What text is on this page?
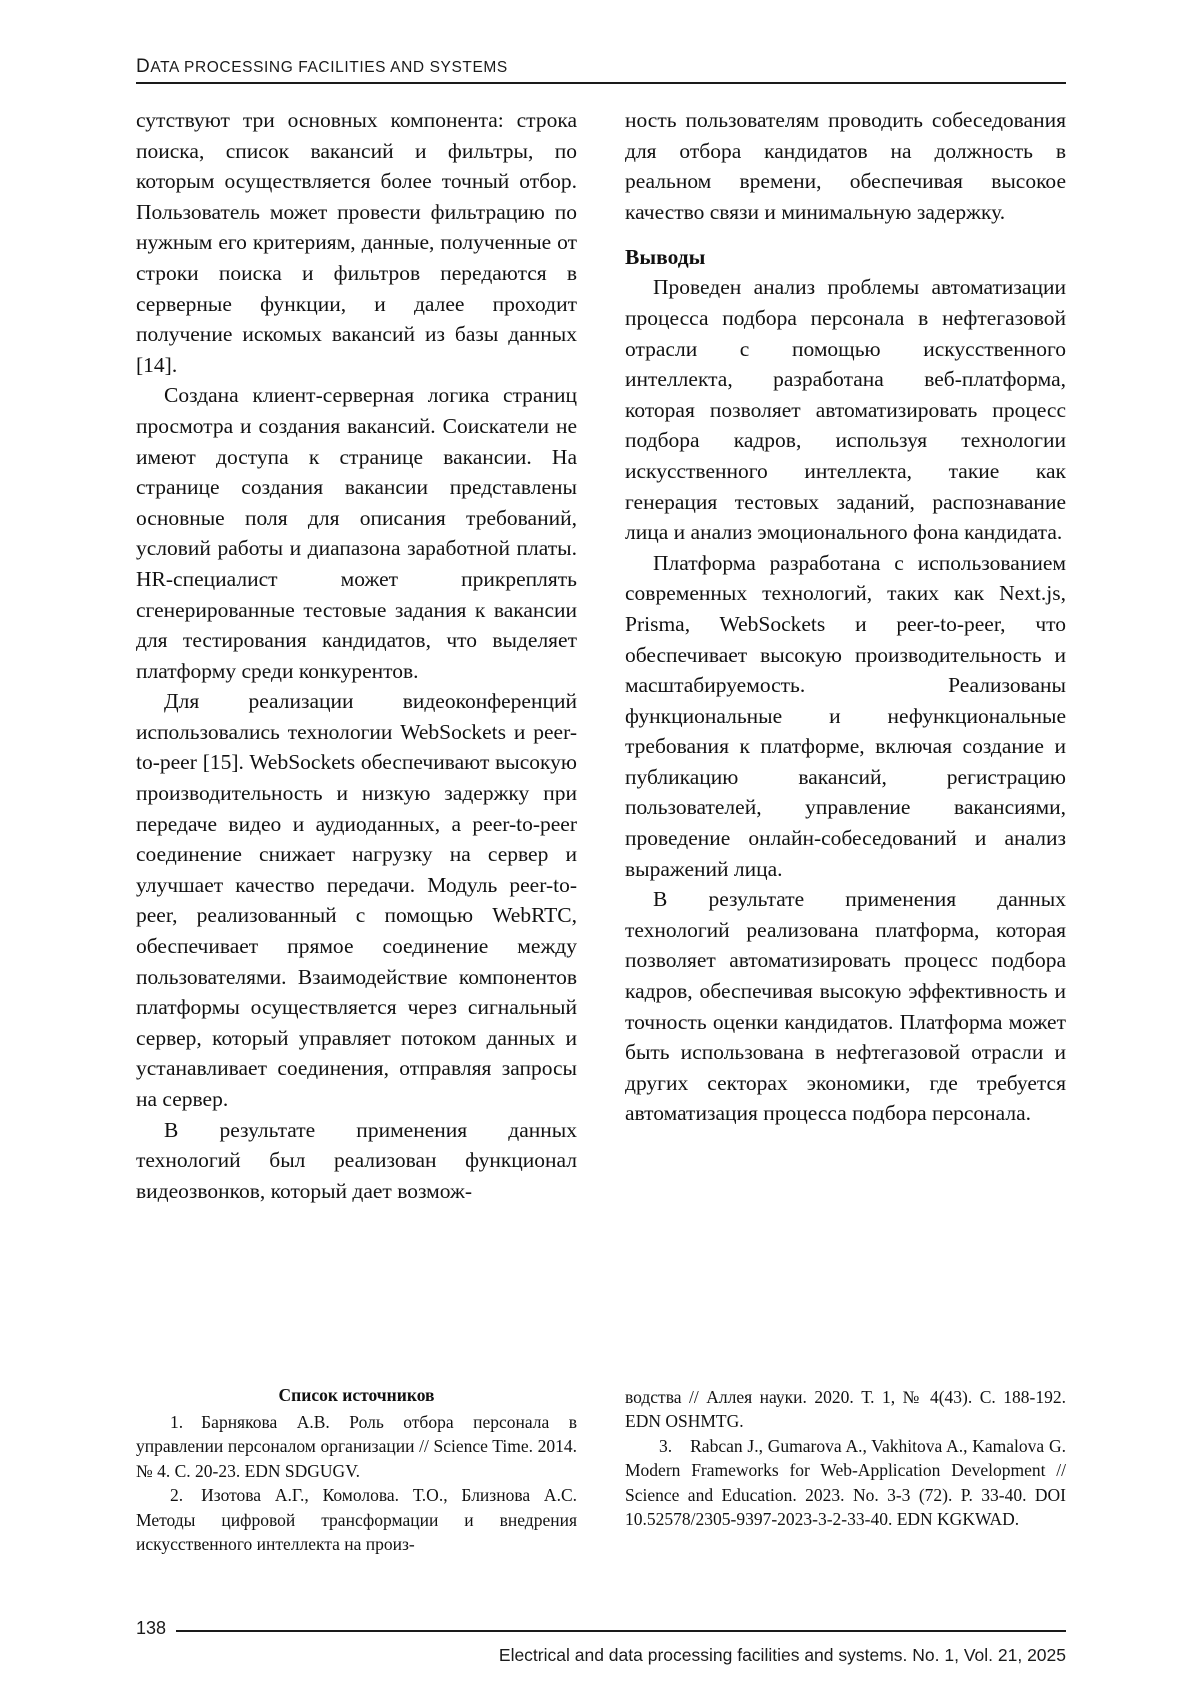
DATA PROCESSING FACILITIES AND SYSTEMS

сутствуют три основных компонента: строка поиска, список вакансий и фильтры, по которым осуществляется более точный отбор. Пользователь может провести фильтрацию по нужным его критериям, данные, полученные от строки поиска и фильтров передаются в серверные функции, и далее проходит получение искомых вакансий из базы данных [14].

Создана клиент-серверная логика страниц просмотра и создания вакансий. Соискатели не имеют доступа к странице вакансии. На странице создания вакансии представлены основные поля для описания требований, условий работы и диапазона заработной платы. HR-специалист может прикреплять сгенерированные тестовые задания к вакансии для тестирования кандидатов, что выделяет платформу среди конкурентов.

Для реализации видеоконференций использовались технологии WebSockets и peer-to-peer [15]. WebSockets обеспечивают высокую производительность и низкую задержку при передаче видео и аудиоданных, а peer-to-peer соединение снижает нагрузку на сервер и улучшает качество передачи. Модуль peer-to-peer, реализованный с помощью WebRTC, обеспечивает прямое соединение между пользователями. Взаимодействие компонентов платформы осуществляется через сигнальный сервер, который управляет потоком данных и устанавливает соединения, отправляя запросы на сервер.

В результате применения данных технологий был реализован функционал видеозвонков, который дает возмож-

ность пользователям проводить собеседования для отбора кандидатов на должность в реальном времени, обеспечивая высокое качество связи и минимальную задержку.

Выводы

Проведен анализ проблемы автоматизации процесса подбора персонала в нефтегазовой отрасли с помощью искусственного интеллекта, разработана веб-платформа, которая позволяет автоматизировать процесс подбора кадров, используя технологии искусственного интеллекта, такие как генерация тестовых заданий, распознавание лица и анализ эмоционального фона кандидата.

Платформа разработана с использованием современных технологий, таких как Next.js, Prisma, WebSockets и peer-to-peer, что обеспечивает высокую производительность и масштабируемость. Реализованы функциональные и нефункциональные требования к платформе, включая создание и публикацию вакансий, регистрацию пользователей, управление вакансиями, проведение онлайн-собеседований и анализ выражений лица.

В результате применения данных технологий реализована платформа, которая позволяет автоматизировать процесс подбора кадров, обеспечивая высокую эффективность и точность оценки кандидатов. Платформа может быть использована в нефтегазовой отрасли и других секторах экономики, где требуется автоматизация процесса подбора персонала.

Список источников

1. Барнякова А.В. Роль отбора персонала в управлении персоналом организации // Science Time. 2014. № 4. С. 20-23. EDN SDGUGV.

2. Изотова А.Г., Комолова. Т.О., Близнова А.С. Методы цифровой трансформации и внедрения искусственного интеллекта на произ-

водства // Аллея науки. 2020. Т. 1, № 4(43). С. 188-192. EDN OSHMTG.

3. Rabcan J., Gumarova A., Vakhitova A., Kamalova G. Modern Frameworks for Web-Application Development // Science and Education. 2023. No. 3-3 (72). P. 33-40. DOI 10.52578/2305-9397-2023-3-2-33-40. EDN KGKWAD.

138
Electrical and data processing facilities and systems. No. 1, Vol. 21, 2025
